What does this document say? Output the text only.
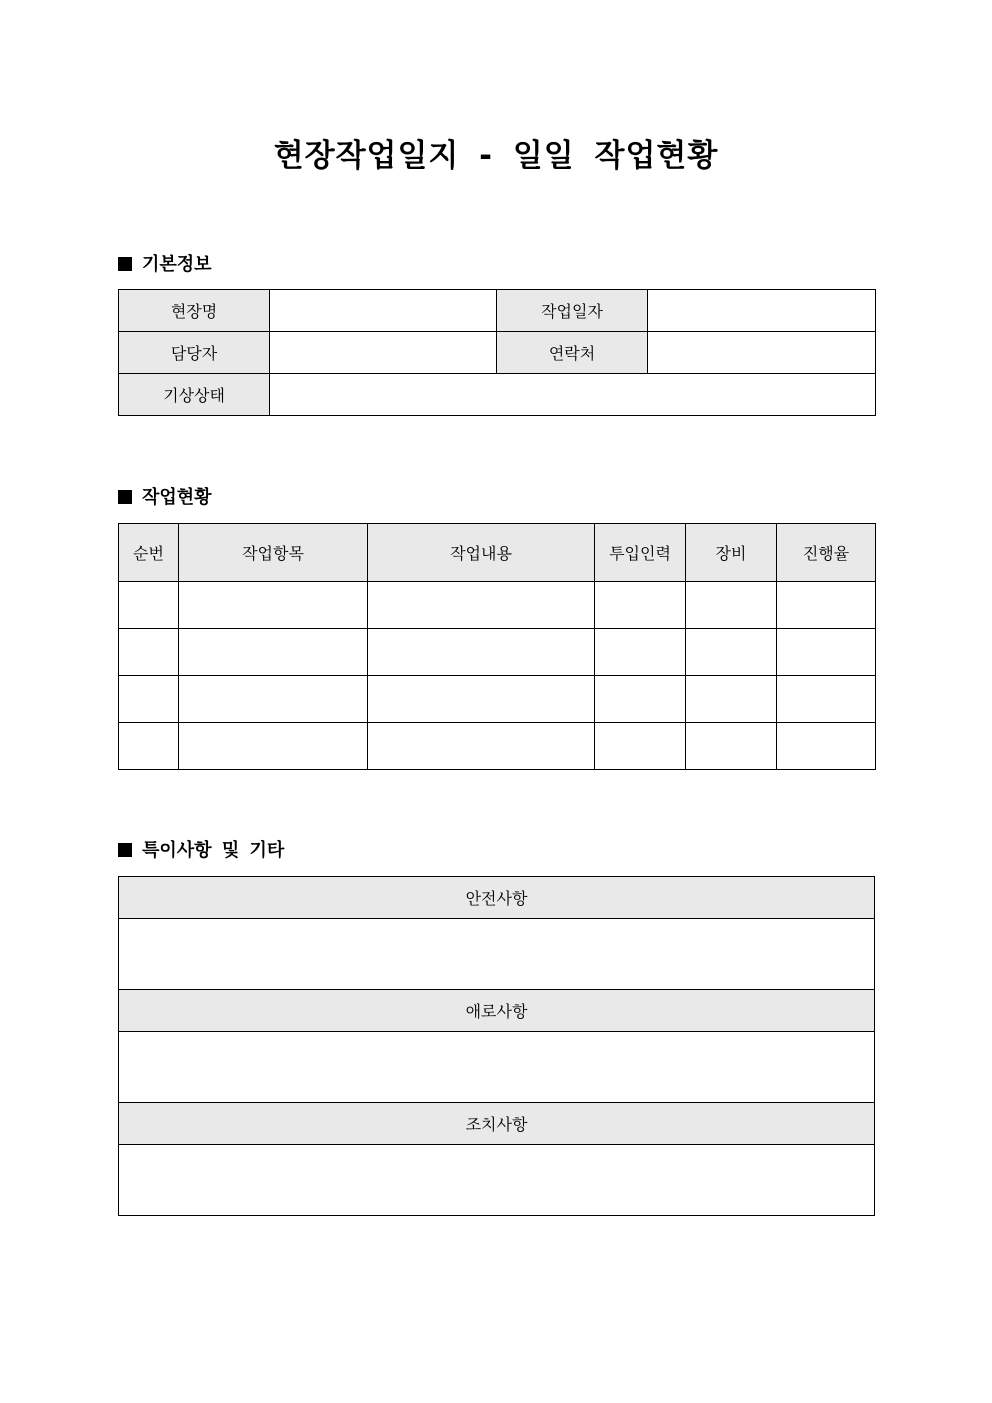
현장작업일지 - 일일 작업현황
기본정보
현장명		작업일자	
담당자		연락처	
기상상태			
작업현황
순번	작업항목	작업내용	투입인력	장비	진행율

특이사항 및 기타
안전사항

애로사항

조치사항
